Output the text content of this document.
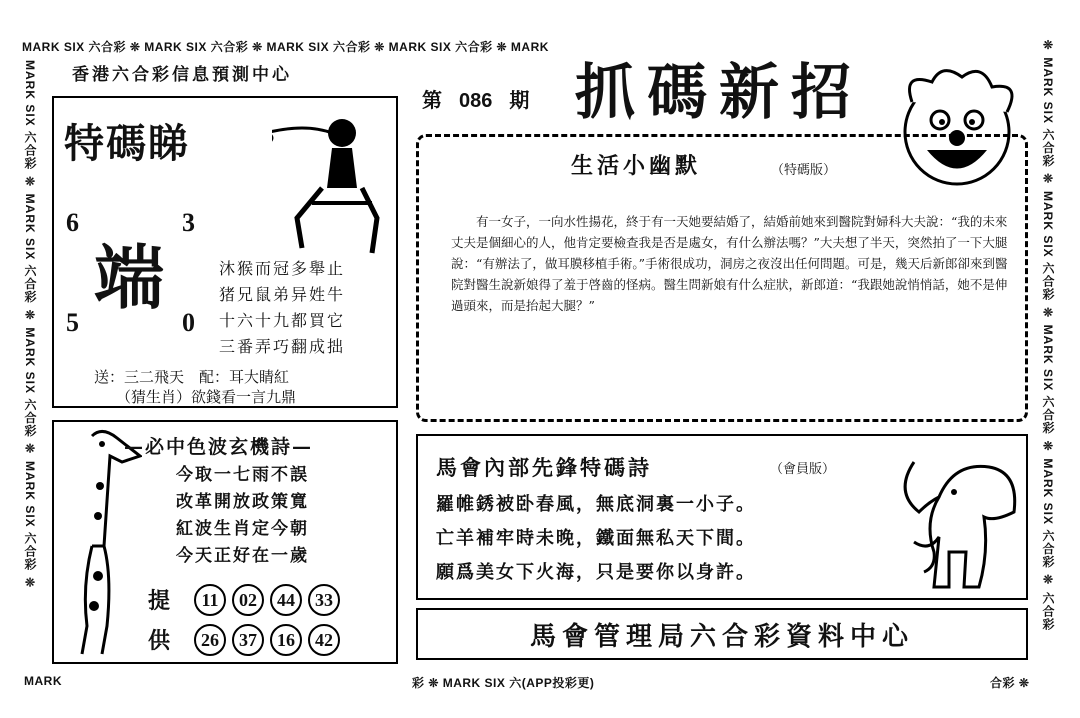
MARK SIX 六合彩 ❊ MARK SIX 六合彩 ❊ MARK SIX 六合彩 ❊ MARK SIX 六合彩 ❊ MARK
MARK SIX 六合彩 ❊ MARK SIX 六合彩 ❊ MARK SIX 六合彩 ❊ MARK SIX 六合彩 ❊	❊ MARK SIX 六合彩 ❊ MARK SIX 六合彩 ❊ MARK SIX 六合彩 ❊ MARK SIX 六合彩 ❊ 六合彩
MARK	彩 ❊ MARK SIX 六(APP投彩更)	合彩 ❊
香港六合彩信息預測中心
第 086 期 抓碼新招
特碼睇
6	3
5	0
端	沐猴而冠多舉止
猪兄鼠弟异姓牛
十六十九都買它
三番弄巧翻成拙
送：三二飛天　配：耳大睛紅
（猜生肖）欲錢看一言九鼎
生活小幽默	（特碼版）
有一女子，一向水性揚花，終于有一天她要結婚了，結婚前她來到醫院對婦科大夫說：“我的未來丈夫是個細心的人，他肯定要檢查我是否是處女，有什么辦法嗎？”大夫想了半天，突然拍了一下大腿說：“有辦法了，做耳膜移植手術。”手術很成功，洞房之夜沒出任何問題。可是，幾天后新郎卻來到醫院對醫生說新娘得了羞于啓齒的怪病。醫生問新娘有什么症狀，新郎道：“我跟她說悄悄話，她不是伸過頭來，而是抬起大腿？”
—必中色波玄機詩—
今取一七雨不誤
改革開放政策寬
紅波生肖定今朝
今天正好在一歲
提
供
11 02 44 33
26 37 16 42
馬會內部先鋒特碼詩	（會員版）
羅帷銹被卧春風，無底洞裏一小子。
亡羊補牢時未晚，鐵面無私天下間。
願爲美女下火海，只是要你以身許。
馬會管理局六合彩資料中心
